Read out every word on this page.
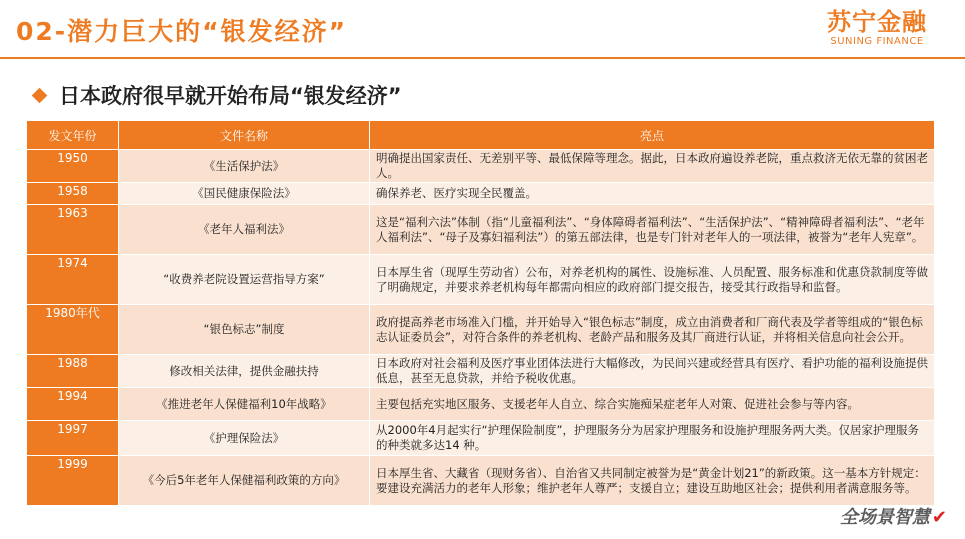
02-潜力巨大的“银发经济”	苏宁金融
SUNING FINANCE
日本政府很早就开始布局“银发经济”
发文年份	文件名称	亮点
1950	《生活保护法》	明确提出国家责任、无差别平等、最低保障等理念。据此，日本政府遍设养老院，重点救济无依无靠的贫困老人。
1958	《国民健康保险法》	确保养老、医疗实现全民覆盖。
1963	《老年人福利法》	这是“福利六法”体制（指“儿童福利法”、“身体障碍者福利法”、“生活保护法”、“精神障碍者福利法”、“老年人福利法”、“母子及寡妇福利法”）的第五部法律，也是专门针对老年人的一项法律，被誉为“老年人宪章”。
1974	“收费养老院设置运营指导方案”	日本厚生省（现厚生劳动省）公布，对养老机构的属性、设施标准、人员配置、服务标准和优惠贷款制度等做了明确规定，并要求养老机构每年都需向相应的政府部门提交报告，接受其行政指导和监督。
1980年代	“银色标志”制度	政府提高养老市场准入门槛，并开始导入“银色标志”制度，成立由消费者和厂商代表及学者等组成的“银色标志认证委员会”，对符合条件的养老机构、老龄产品和服务及其厂商进行认证，并将相关信息向社会公开。
1988	修改相关法律，提供金融扶持	日本政府对社会福利及医疗事业团体法进行大幅修改，为民间兴建或经营具有医疗、看护功能的福利设施提供低息，甚至无息贷款，并给予税收优惠。
1994	《推进老年人保健福利10年战略》	主要包括充实地区服务、支援老年人自立、综合实施痴呆症老年人对策、促进社会参与等内容。
1997	《护理保险法》	从2000年4月起实行“护理保险制度”，护理服务分为居家护理服务和设施护理服务两大类。仅居家护理服务的种类就多达14 种。
1999	《今后5年老年人保健福利政策的方向》	日本厚生省、大藏省（现财务省）、自治省又共同制定被誉为是“黄金计划21”的新政策。这一基本方针规定：要建设充满活力的老年人形象；维护老年人尊严；支援自立；建设互助地区社会；提供利用者满意服务等。
全场景智慧 ✔
